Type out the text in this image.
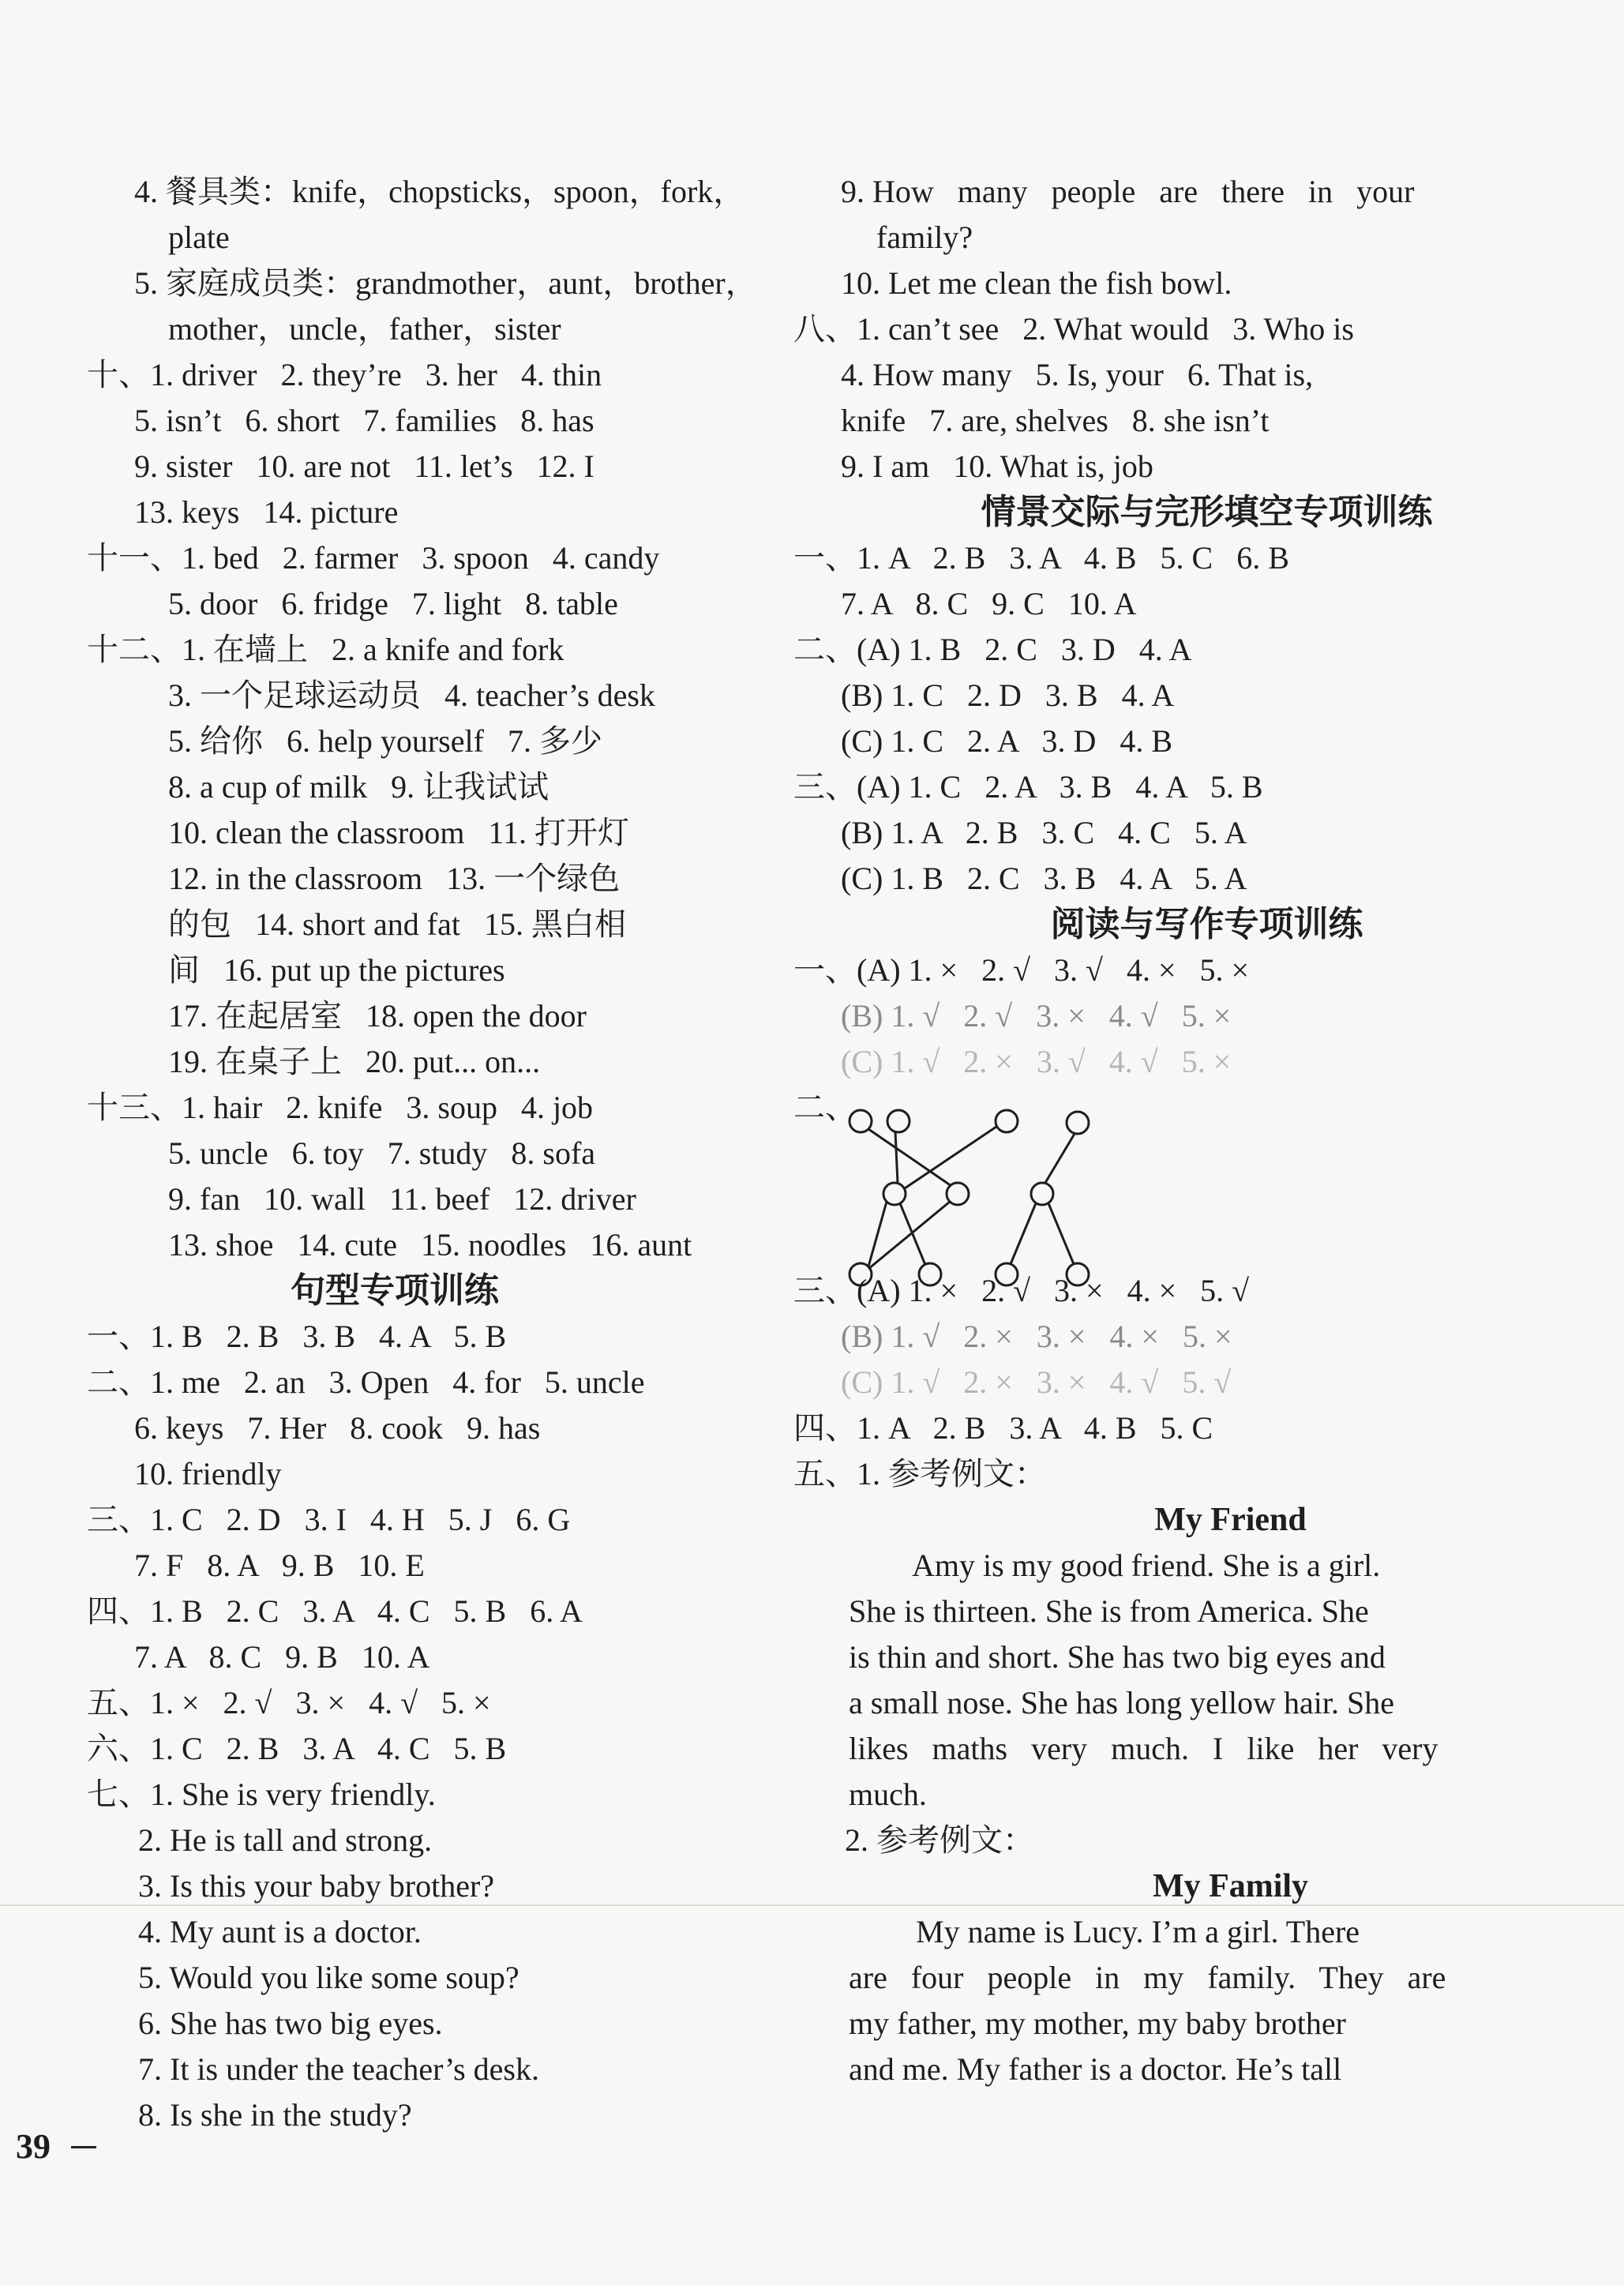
4. 餐具类：knife，chopsticks，spoon，fork，
plate
5. 家庭成员类：grandmother，aunt，brother，
mother，uncle，father，sister
十、1. driver   2. they’re   3. her   4. thin
5. isn’t   6. short   7. families   8. has
9. sister   10. are not   11. let’s   12. I
13. keys   14. picture
十一、1. bed   2. farmer   3. spoon   4. candy
5. door   6. fridge   7. light   8. table
十二、1. 在墙上   2. a knife and fork
3. 一个足球运动员   4. teacher’s desk
5. 给你   6. help yourself   7. 多少
8. a cup of milk   9. 让我试试
10. clean the classroom   11. 打开灯
12. in the classroom   13. 一个绿色
的包   14. short and fat   15. 黑白相
间   16. put up the pictures
17. 在起居室   18. open the door
19. 在桌子上   20. put... on...
十三、1. hair   2. knife   3. soup   4. job
5. uncle   6. toy   7. study   8. sofa
9. fan   10. wall   11. beef   12. driver
13. shoe   14. cute   15. noodles   16. aunt
句型专项训练
一、1. B   2. B   3. B   4. A   5. B
二、1. me   2. an   3. Open   4. for   5. uncle
6. keys   7. Her   8. cook   9. has
10. friendly
三、1. C   2. D   3. I   4. H   5. J   6. G
7. F   8. A   9. B   10. E
四、1. B   2. C   3. A   4. C   5. B   6. A
7. A   8. C   9. B   10. A
五、1. ×   2. √   3. ×   4. √   5. ×
六、1. C   2. B   3. A   4. C   5. B
七、1. She is very friendly.
2. He is tall and strong.
3. Is this your baby brother?
4. My aunt is a doctor.
5. Would you like some soup?
6. She has two big eyes.
7. It is under the teacher’s desk.
8. Is she in the study?
9. How   many   people   are   there   in   your
family?
10. Let me clean the fish bowl.
八、1. can’t see   2. What would   3. Who is
4. How many   5. Is, your   6. That is,
knife   7. are, shelves   8. she isn’t
9. I am   10. What is, job
情景交际与完形填空专项训练
一、1. A   2. B   3. A   4. B   5. C   6. B
7. A   8. C   9. C   10. A
二、(A) 1. B   2. C   3. D   4. A
(B) 1. C   2. D   3. B   4. A
(C) 1. C   2. A   3. D   4. B
三、(A) 1. C   2. A   3. B   4. A   5. B
(B) 1. A   2. B   3. C   4. C   5. A
(C) 1. B   2. C   3. B   4. A   5. A
阅读与写作专项训练
一、(A) 1. ×   2. √   3. √   4. ×   5. ×
(B) 1. √   2. √   3. ×   4. √   5. ×
(C) 1. √   2. ×   3. √   4. √   5. ×
二、
三、(A) 1. ×   2. √   3. ×   4. ×   5. √
(B) 1. √   2. ×   3. ×   4. ×   5. ×
(C) 1. √   2. ×   3. ×   4. √   5. √
四、1. A   2. B   3. A   4. B   5. C
五、1. 参考例文：
My Friend
Amy is my good friend. She is a girl.
She is thirteen. She is from America. She
is thin and short. She has two big eyes and
a small nose. She has long yellow hair. She
likes   maths   very   much.   I   like   her   very
much.
2. 参考例文：
My Family
My name is Lucy. I’m a girl. There
are   four   people   in   my   family.   They   are
my father, my mother, my baby brother
and me. My father is a doctor. He’s tall
39
